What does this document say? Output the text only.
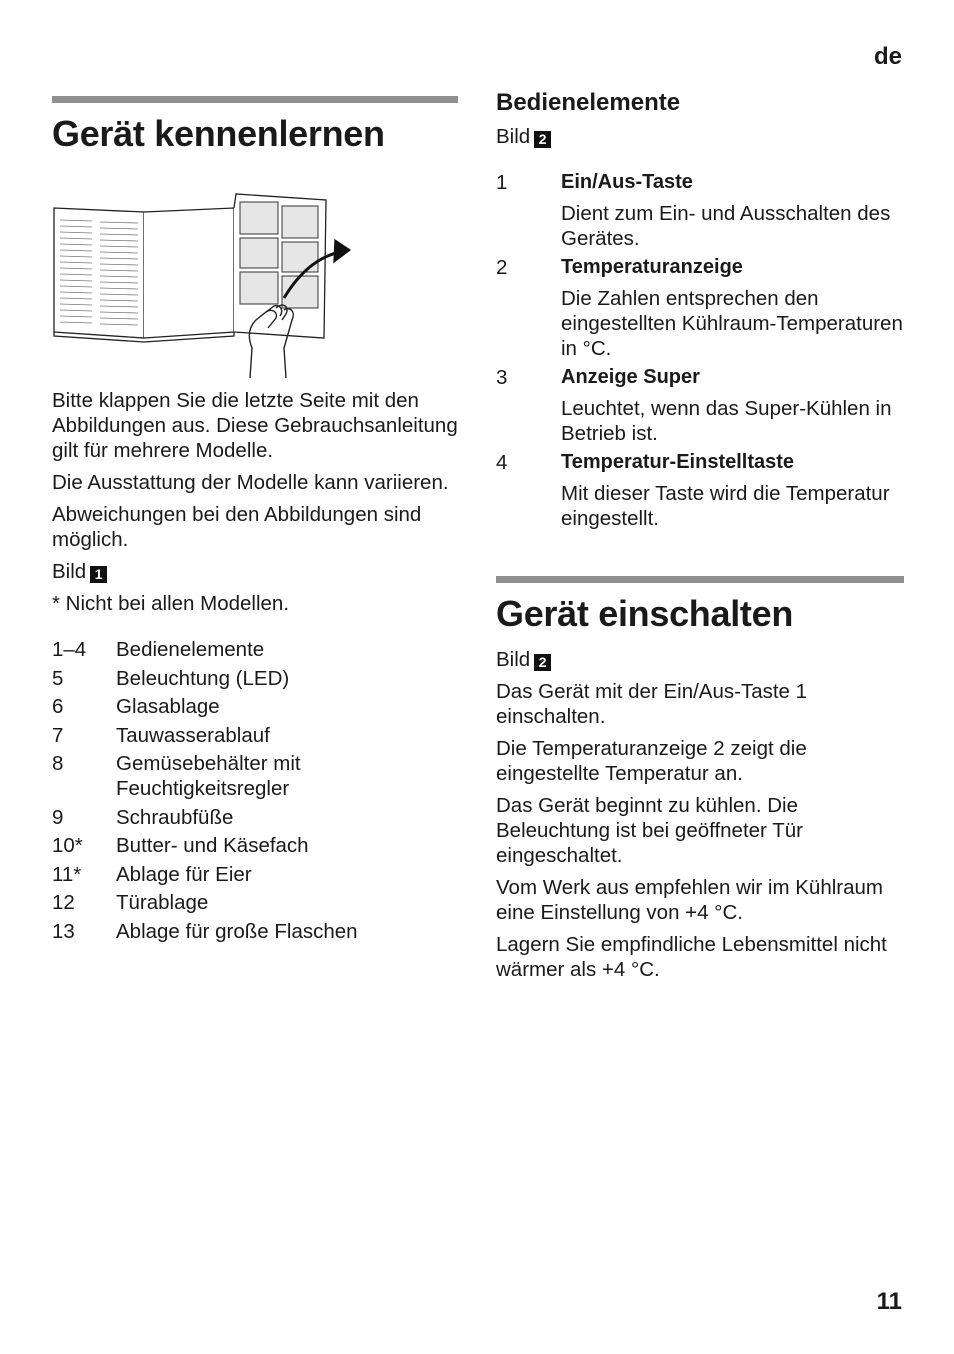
de
Gerät kennenlernen

Bitte klappen Sie die letzte Seite mit den Abbildungen aus. Diese Gebrauchsanleitung gilt für mehrere Modelle.

Die Ausstattung der Modelle kann variieren.

Abweichungen bei den Abbildungen sind möglich.

Bild 1

* Nicht bei allen Modellen.

1–4	Bedienelemente
5	Beleuchtung (LED)
6	Glasablage
7	Tauwasserablauf
8	Gemüsebehälter mit Feuchtigkeitsregler
9	Schraubfüße
10*	Butter- und Käsefach
11*	Ablage für Eier
12	Türablage
13	Ablage für große Flaschen
Bedienelemente

Bild 2

1	Ein/Aus-Taste
Dient zum Ein- und Ausschalten des Gerätes.
2	Temperaturanzeige
Die Zahlen entsprechen den eingestellten Kühlraum-Temperaturen in °C.
3	Anzeige Super
Leuchtet, wenn das Super-Kühlen in Betrieb ist.
4	Temperatur-Einstelltaste
Mit dieser Taste wird die Temperatur eingestellt.
Gerät einschalten

Bild 2

Das Gerät mit der Ein/Aus-Taste 1 einschalten.

Die Temperaturanzeige 2 zeigt die eingestellte Temperatur an.

Das Gerät beginnt zu kühlen. Die Beleuchtung ist bei geöffneter Tür eingeschaltet.

Vom Werk aus empfehlen wir im Kühlraum eine Einstellung von +4 °C.

Lagern Sie empfindliche Lebensmittel nicht wärmer als +4 °C.

11
